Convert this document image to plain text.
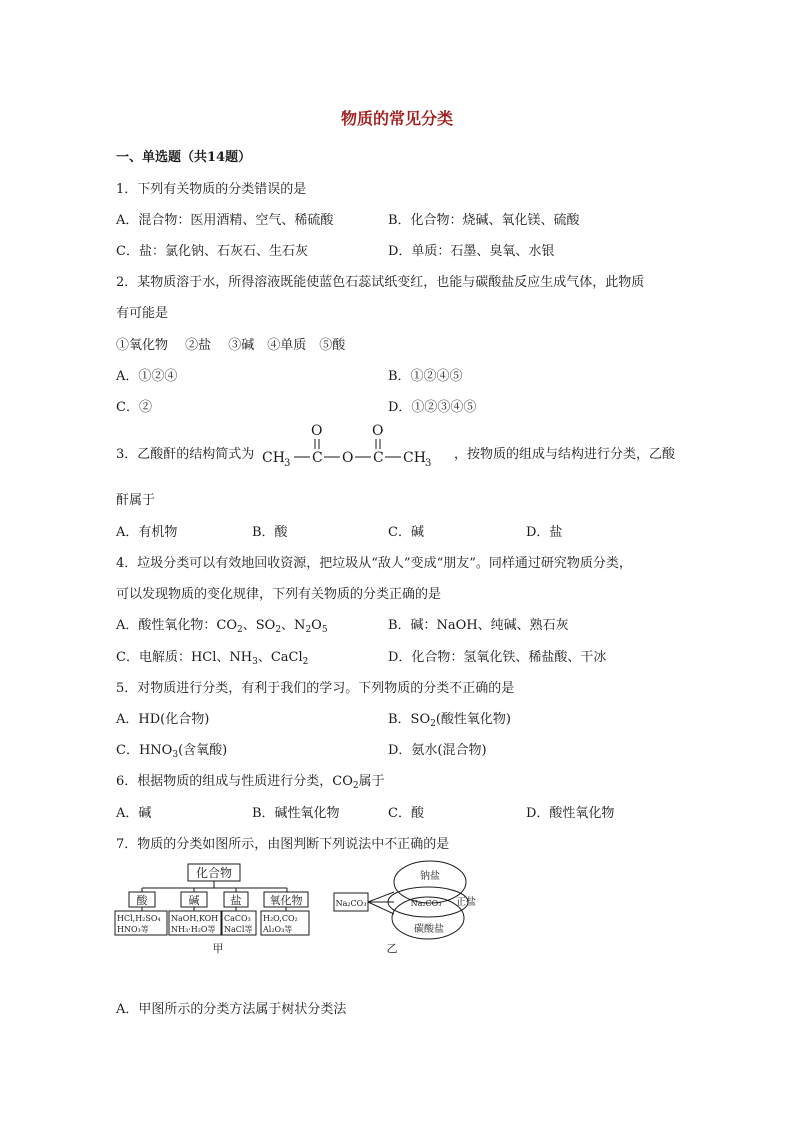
物质的常见分类
一、单选题（共14题）
1．下列有关物质的分类错误的是
A．混合物：医用酒精、空气、稀硫酸	B．化合物：烧碱、氧化镁、硫酸
C．盐：氯化钠、石灰石、生石灰	D．单质：石墨、臭氧、水银
2．某物质溶于水，所得溶液既能使蓝色石蕊试纸变红，也能与碳酸盐反应生成气体，此物质
有可能是
①氧化物　 ②盐　 ③碱　④单质　⑤酸
A．①②④	B．①②④⑤
C．②	D．①②③④⑤
3．乙酸酐的结构简式为 CH 3 C
O
O C
O
CH 3
，按物质的组成与结构进行分类，乙酸
酐属于
A．有机物	B．酸	C．碱	D．盐
4．垃圾分类可以有效地回收资源，把垃圾从“敌人”变成“朋友”。同样通过研究物质分类，
可以发现物质的变化规律，下列有关物质的分类正确的是
A．酸性氧化物：$CO_2$、$SO_2$、$N_2O_5$	B．碱：NaOH、纯碱、熟石灰
C．电解质：HCl、$NH_3$、CaCl$_2$	D．化合物：氢氧化铁、稀盐酸、干冰
5．对物质进行分类，有利于我们的学习。下列物质的分类不正确的是
A．HD(化合物)	B．$SO_2$(酸性氧化物)
C．$HNO_3$(含氧酸)	D．氨水(混合物)
6．根据物质的组成与性质进行分类，$CO_2$属于
A．碱	B．碱性氧化物	C．酸	D．酸性氧化物
7．物质的分类如图所示，由图判断下列说法中不正确的是
化合物
酸	碱	盐	氧化物
HCl,H₂SO₄
HNO₃等
NaOH,KOH
NH₃·H₂O等
CaCO₃
NaCl等
H₂O,CO₂
Al₂O₃等
甲
Na₂CO₃
钠盐
Na₂CO₃ 正盐
碳酸盐
乙
A．甲图所示的分类方法属于树状分类法
